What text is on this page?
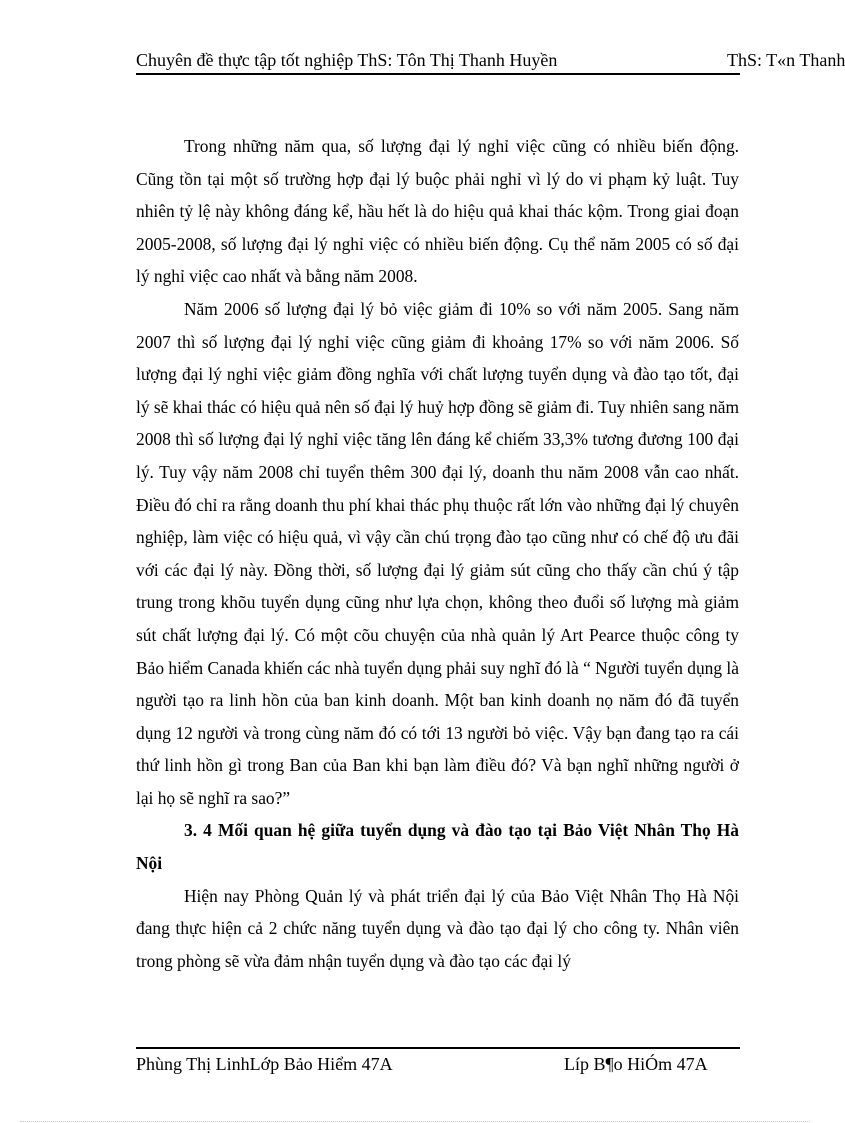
Chuyên đề thực tập tốt nghiệp ThS: Tôn Thị Thanh Huyền	ThS: T«n Thanh

Trong những năm qua, số lượng đại lý nghỉ việc cũng có nhiều biến động. Cũng tồn tại một số trường hợp đại lý buộc phải nghỉ vì lý do vi phạm kỷ luật. Tuy nhiên tỷ lệ này không đáng kể, hầu hết là do hiệu quả khai thác kộm. Trong giai đoạn 2005-2008, số lượng đại lý nghỉ việc có nhiều biến động. Cụ thể năm 2005 có số đại lý nghỉ việc cao nhất và bằng năm 2008.

Năm 2006 số lượng đại lý bỏ việc giảm đi 10% so với năm 2005. Sang năm 2007 thì số lượng đại lý nghỉ việc cũng giảm đi khoảng 17% so với năm 2006. Số lượng đại lý nghỉ việc giảm đồng nghĩa với chất lượng tuyển dụng và đào tạo tốt, đại lý sẽ khai thác có hiệu quả nên số đại lý huỷ hợp đồng sẽ giảm đi. Tuy nhiên sang năm 2008 thì số lượng đại lý nghỉ việc tăng lên đáng kể chiếm 33,3% tương đương 100 đại lý. Tuy vậy năm 2008 chỉ tuyển thêm 300 đại lý, doanh thu năm 2008 vẫn cao nhất. Điều đó chỉ ra rằng doanh thu phí khai thác phụ thuộc rất lớn vào những đại lý chuyên nghiệp, làm việc có hiệu quả, vì vậy cần chú trọng đào tạo cũng như có chế độ ưu đãi với các đại lý này. Đồng thời, số lượng đại lý giảm sút cũng cho thấy cần chú ý tập trung trong khõu tuyển dụng cũng như lựa chọn, không theo đuổi số lượng mà giảm sút chất lượng đại lý. Có một cõu chuyện của nhà quản lý Art Pearce thuộc công ty Bảo hiểm Canada khiến các nhà tuyển dụng phải suy nghĩ đó là “ Người tuyển dụng là người tạo ra linh hồn của ban kinh doanh. Một ban kinh doanh nọ năm đó đã tuyển dụng 12 người và trong cùng năm đó có tới 13 người bỏ việc. Vậy bạn đang tạo ra cái thứ linh hồn gì trong Ban của Ban khi bạn làm điều đó? Và bạn nghĩ những người ở lại họ sẽ nghĩ ra sao?”

3. 4 Mối quan hệ giữa tuyển dụng và đào tạo tại Bảo Việt Nhân Thọ Hà Nội

Hiện nay Phòng Quản lý và phát triển đại lý của Bảo Việt Nhân Thọ Hà Nội đang thực hiện cả 2 chức năng tuyển dụng và đào tạo đại lý cho công ty. Nhân viên trong phòng sẽ vừa đảm nhận tuyển dụng và đào tạo các đại lý

Phùng Thị LinhLớp Bảo Hiểm 47A	Líp B¶o HiÓm 47A
